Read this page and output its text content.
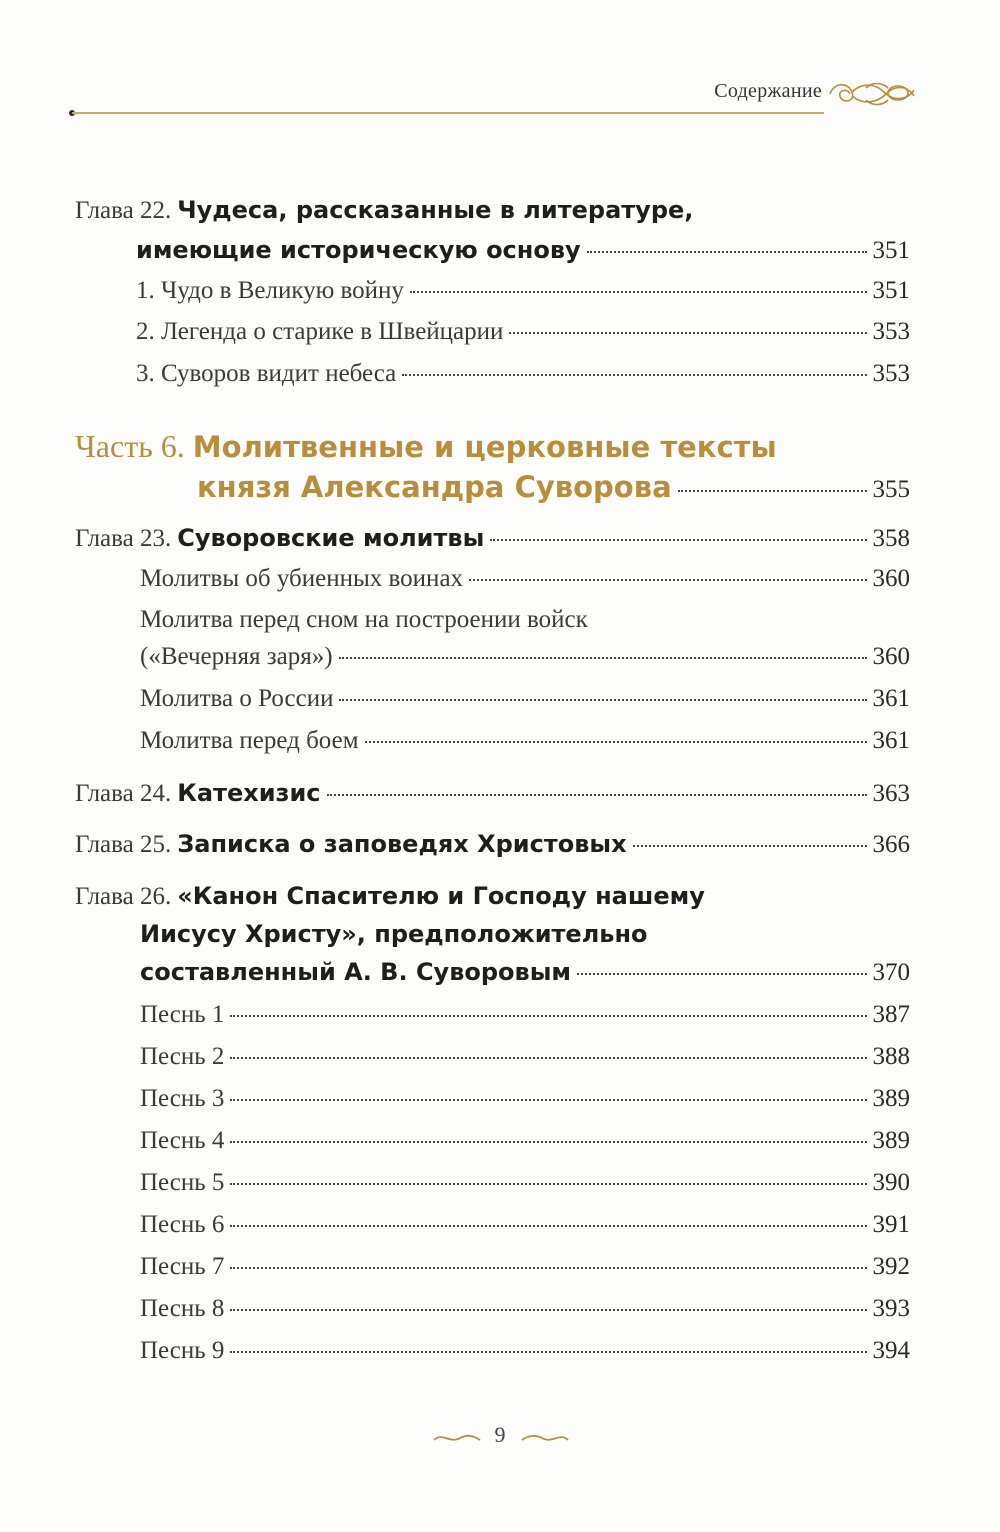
Содержание
Глава 22. Чудеса, рассказанные в литературе,
имеющие историческую основу	351
1. Чудо в Великую войну	351
2. Легенда о старике в Швейцарии	353
3. Суворов видит небеса	353
Часть 6. Молитвенные и церковные тексты
князя Александра Суворова	355
Глава 23. Суворовские молитвы	358
Молитвы об убиенных воинах	360
Молитва перед сном на построении войск
(«Вечерняя заря»)	360
Молитва о России	361
Молитва перед боем	361
Глава 24. Катехизис	363
Глава 25. Записка о заповедях Христовых	366
Глава 26. «Канон Спасителю и Господу нашему
Иисусу Христу», предположительно
составленный А. В. Суворовым	370
Песнь 1	387
Песнь 2	388
Песнь 3	389
Песнь 4	389
Песнь 5	390
Песнь 6	391
Песнь 7	392
Песнь 8	393
Песнь 9	394
9
